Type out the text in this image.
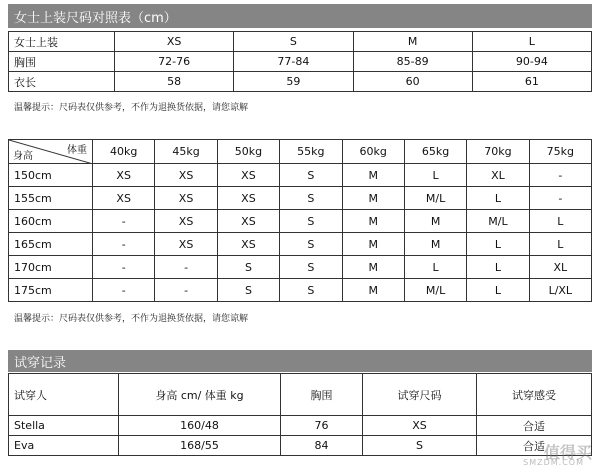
女士上装尺码对照表（cm）
女士上装	XS	S	M	L
胸围	72-76	77-84	85-89	90-94
衣长	58	59	60	61
温馨提示：尺码表仅供参考，不作为退换货依据，请您谅解
体重
身高	40kg	45kg	50kg	55kg	60kg	65kg	70kg	75kg
150cm	XS	XS	XS	S	M	L	XL	-
155cm	XS	XS	XS	S	M	M/L	L	-
160cm	-	XS	XS	S	M	M	M/L	L
165cm	-	XS	XS	S	M	M	L	L
170cm	-	-	S	S	M	L	L	XL
175cm	-	-	S	S	M	M/L	L	L/XL
温馨提示：尺码表仅供参考，不作为退换货依据，请您谅解
试穿记录
试穿人	身高 cm/ 体重 kg	胸围	试穿尺码	试穿感受
Stella	160/48	76	XS	合适
Eva	168/55	84	S	合适
值得买
SMZDM.COM
